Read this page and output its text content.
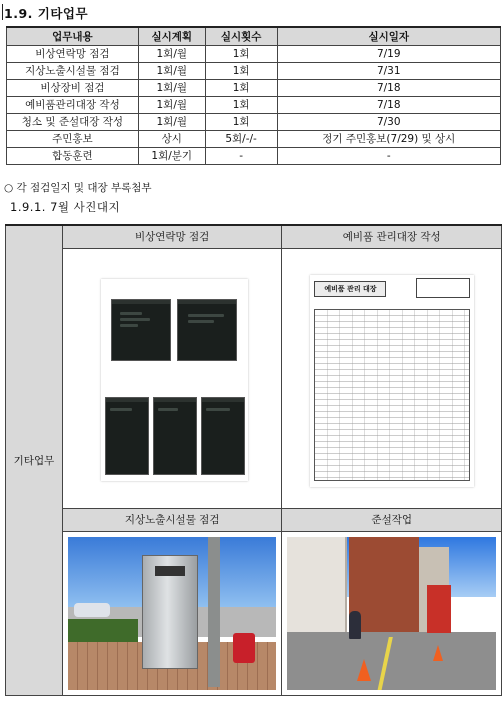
1.9. 기타업무
업무내용	실시계획	실시횟수	실시일자
비상연락망 점검	1회/월	1회	7/19
지상노출시설물 점검	1회/월	1회	7/31
비상장비 점검	1회/월	1회	7/18
예비품관리대장 작성	1회/월	1회	7/18
청소 및 준설대장 작성	1회/월	1회	7/30
주민홍보	상시	5회/-/-	정기 주민홍보(7/29) 및 상시
합동훈련	1회/분기	-	-
○ 각 점검일지 및 대장 부록첨부
1.9.1. 7월 사진대지
기타업무	비상연락망 점검	예비품 관리대장 작성

		예비품 관리 대장

	지상노출시설물 점검	준설작업
